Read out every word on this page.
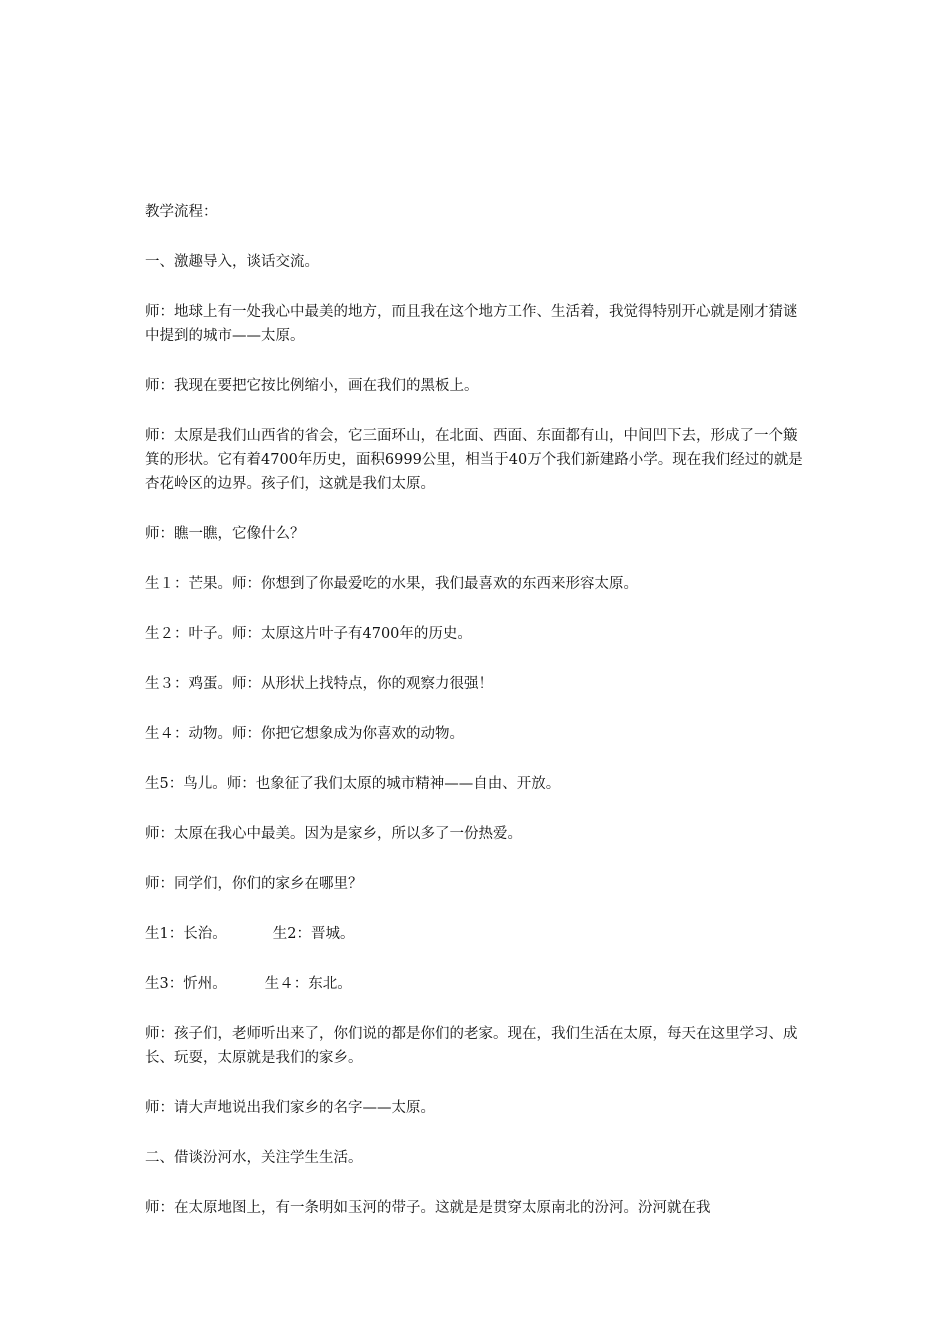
教学流程：

一、激趣导入，谈话交流。

师：地球上有一处我心中最美的地方，而且我在这个地方工作、生活着，我觉得特别开心就是刚才猜谜中提到的城市——太原。

师：我现在要把它按比例缩小，画在我们的黑板上。

师：太原是我们山西省的省会，它三面环山，在北面、西面、东面都有山，中间凹下去，形成了一个簸箕的形状。它有着4700年历史，面积6999公里，相当于40万个我们新建路小学。现在我们经过的就是杏花岭区的边界。孩子们，这就是我们太原。

师：瞧一瞧，它像什么？

生１：芒果。师：你想到了你最爱吃的水果，我们最喜欢的东西来形容太原。

生２：叶子。师：太原这片叶子有4700年的历史。

生３：鸡蛋。师：从形状上找特点，你的观察力很强！

生４：动物。师：你把它想象成为你喜欢的动物。

生5：鸟儿。师：也象征了我们太原的城市精神——自由、开放。

师：太原在我心中最美。因为是家乡，所以多了一份热爱。

师：同学们，你们的家乡在哪里？

生1：长治。	生2：晋城。

生3：忻州。	生４：东北。

师：孩子们，老师听出来了，你们说的都是你们的老家。现在，我们生活在太原，每天在这里学习、成长、玩耍，太原就是我们的家乡。

师：请大声地说出我们家乡的名字——太原。

二、借谈汾河水，关注学生生活。

师：在太原地图上，有一条明如玉河的带子。这就是是贯穿太原南北的汾河。汾河就在我
